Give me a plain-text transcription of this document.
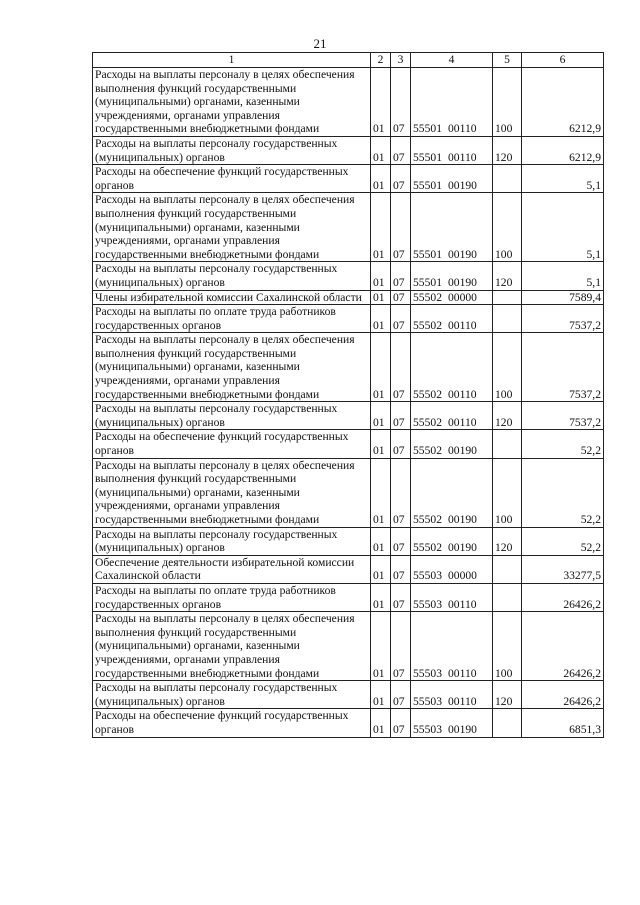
21
1	2	3	4	5	6
Расходы на выплаты персоналу в целях обеспечения выполнения функций государственными (муниципальными) органами, казенными учреждениями, органами управления государственными внебюджетными фондами	01	07	55501 00110	100	6212,9
Расходы на выплаты персоналу государственных (муниципальных) органов	01	07	55501 00110	120	6212,9
Расходы на обеспечение функций государственных органов	01	07	55501 00190		5,1
Расходы на выплаты персоналу в целях обеспечения выполнения функций государственными (муниципальными) органами, казенными учреждениями, органами управления государственными внебюджетными фондами	01	07	55501 00190	100	5,1
Расходы на выплаты персоналу государственных (муниципальных) органов	01	07	55501 00190	120	5,1
Члены избирательной комиссии Сахалинской области	01	07	55502 00000		7589,4
Расходы на выплаты по оплате труда работников государственных органов	01	07	55502 00110		7537,2
Расходы на выплаты персоналу в целях обеспечения выполнения функций государственными (муниципальными) органами, казенными учреждениями, органами управления государственными внебюджетными фондами	01	07	55502 00110	100	7537,2
Расходы на выплаты персоналу государственных (муниципальных) органов	01	07	55502 00110	120	7537,2
Расходы на обеспечение функций государственных органов	01	07	55502 00190		52,2
Расходы на выплаты персоналу в целях обеспечения выполнения функций государственными (муниципальными) органами, казенными учреждениями, органами управления государственными внебюджетными фондами	01	07	55502 00190	100	52,2
Расходы на выплаты персоналу государственных (муниципальных) органов	01	07	55502 00190	120	52,2
Обеспечение деятельности избирательной комиссии Сахалинской области	01	07	55503 00000		33277,5
Расходы на выплаты по оплате труда работников государственных органов	01	07	55503 00110		26426,2
Расходы на выплаты персоналу в целях обеспечения выполнения функций государственными (муниципальными) органами, казенными учреждениями, органами управления государственными внебюджетными фондами	01	07	55503 00110	100	26426,2
Расходы на выплаты персоналу государственных (муниципальных) органов	01	07	55503 00110	120	26426,2
Расходы на обеспечение функций государственных органов	01	07	55503 00190		6851,3
